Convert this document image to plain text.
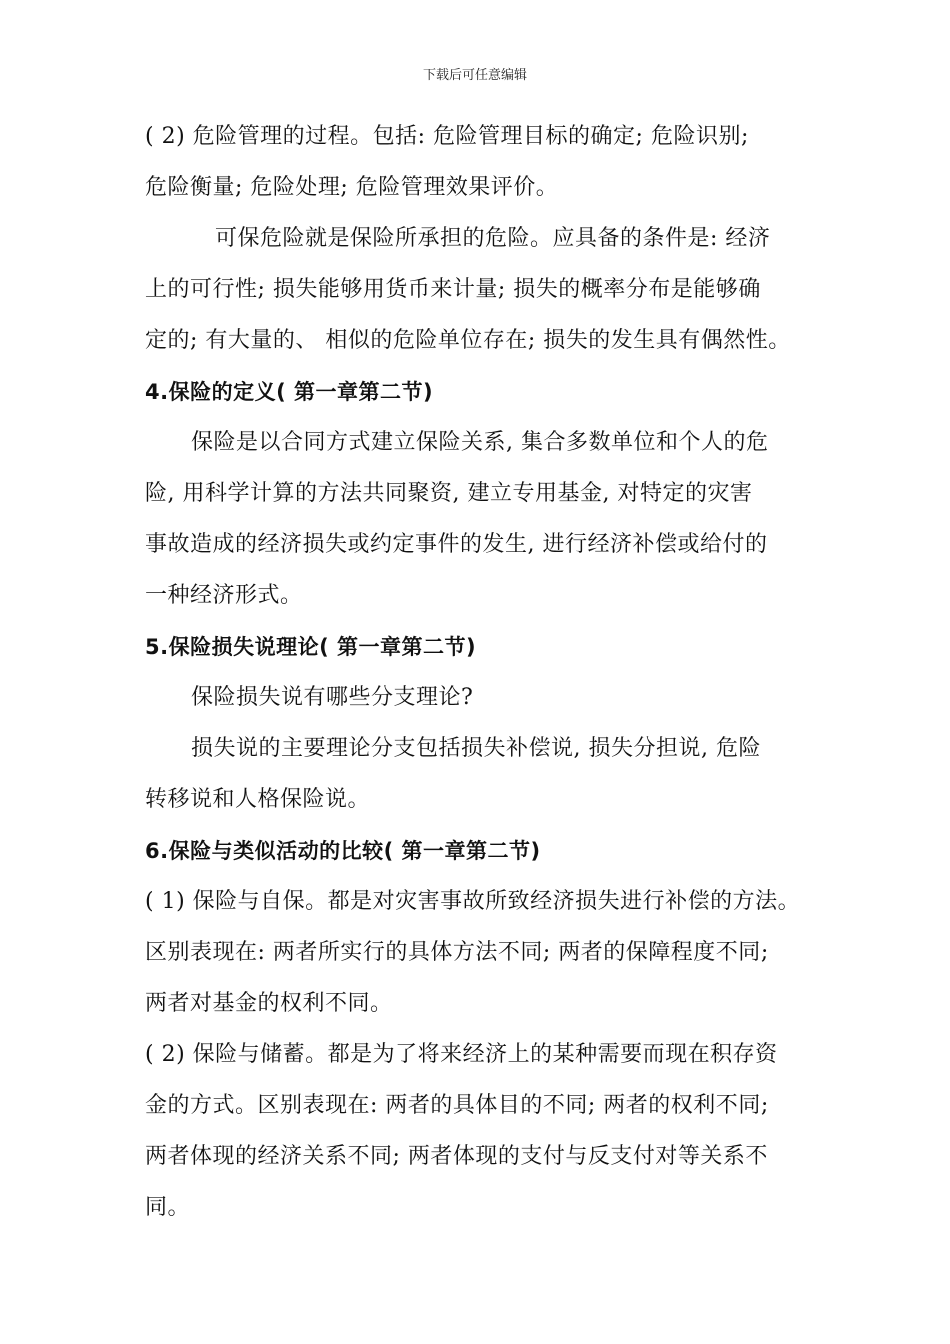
下载后可任意编辑
( 2) 危险管理的过程。包括: 危险管理目标的确定; 危险识别;
危险衡量; 危险处理; 危险管理效果评价。
可保危险就是保险所承担的危险。应具备的条件是: 经济
上的可行性; 损失能够用货币来计量; 损失的概率分布是能够确
定的; 有大量的、 相似的危险单位存在; 损失的发生具有偶然性。
4.保险的定义( 第一章第二节)
保险是以合同方式建立保险关系, 集合多数单位和个人的危
险, 用科学计算的方法共同聚资, 建立专用基金, 对特定的灾害
事故造成的经济损失或约定事件的发生, 进行经济补偿或给付的
一种经济形式。
5.保险损失说理论( 第一章第二节)
保险损失说有哪些分支理论?
损失说的主要理论分支包括损失补偿说, 损失分担说, 危险
转移说和人格保险说。
6.保险与类似活动的比较( 第一章第二节)
( 1) 保险与自保。都是对灾害事故所致经济损失进行补偿的方法。
区别表现在: 两者所实行的具体方法不同; 两者的保障程度不同;
两者对基金的权利不同。
( 2) 保险与储蓄。都是为了将来经济上的某种需要而现在积存资
金的方式。区别表现在: 两者的具体目的不同; 两者的权利不同;
两者体现的经济关系不同; 两者体现的支付与反支付对等关系不
同。
